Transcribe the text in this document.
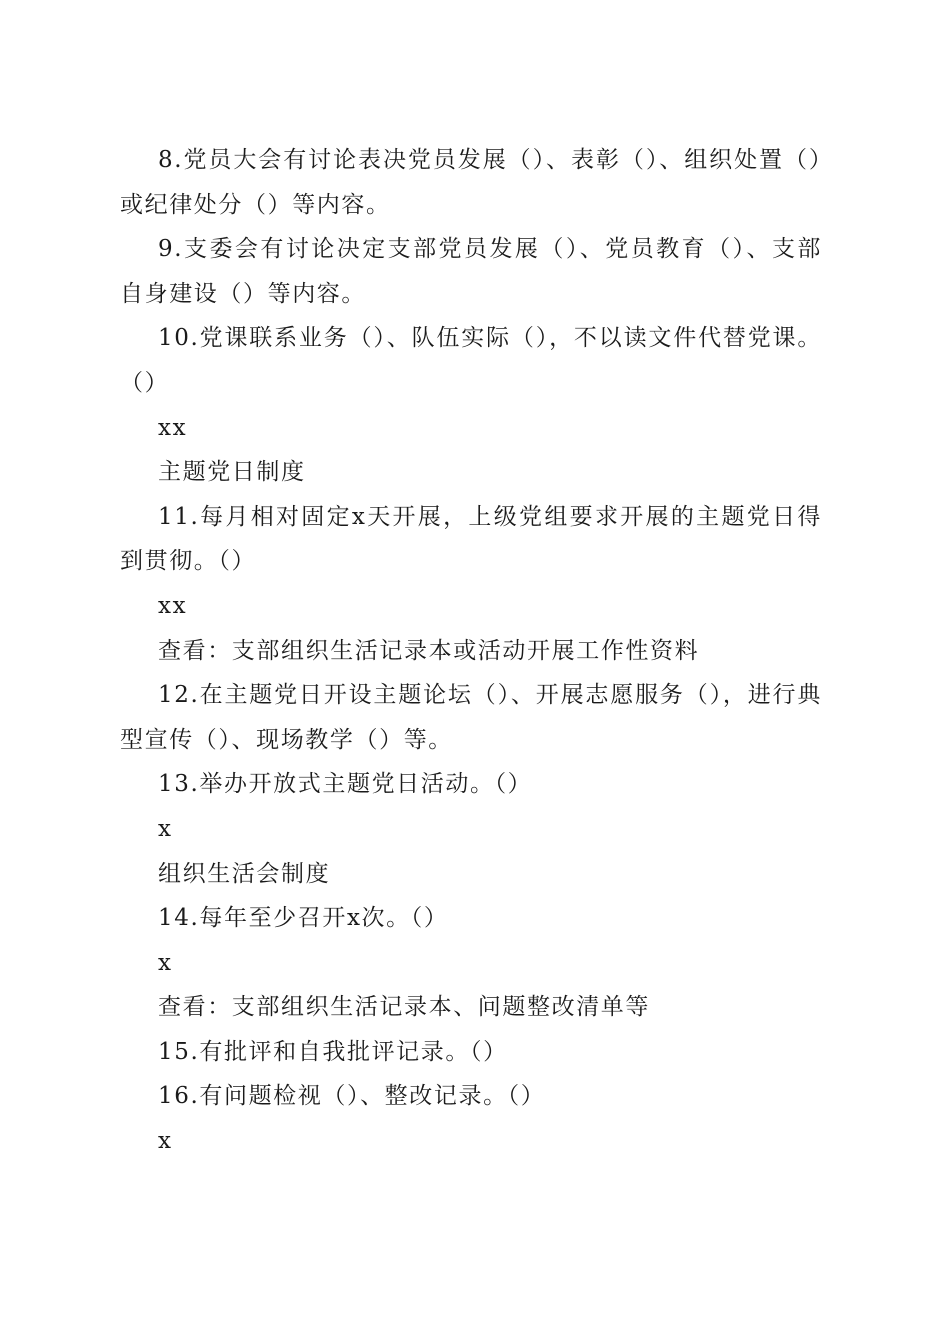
8.党员大会有讨论表决党员发展（）、表彰（）、组织处置（）或纪律处分（）等内容。

9.支委会有讨论决定支部党员发展（）、党员教育（）、支部自身建设（）等内容。

10.党课联系业务（）、队伍实际（），不以读文件代替党课。（）

xx

主题党日制度

11.每月相对固定x天开展，上级党组要求开展的主题党日得到贯彻。（）

xx

查看：支部组织生活记录本或活动开展工作性资料

12.在主题党日开设主题论坛（）、开展志愿服务（），进行典型宣传（）、现场教学（）等。

13.举办开放式主题党日活动。（）

x

组织生活会制度

14.每年至少召开x次。（）

x

查看：支部组织生活记录本、问题整改清单等

15.有批评和自我批评记录。（）

16.有问题检视（）、整改记录。（）

x
